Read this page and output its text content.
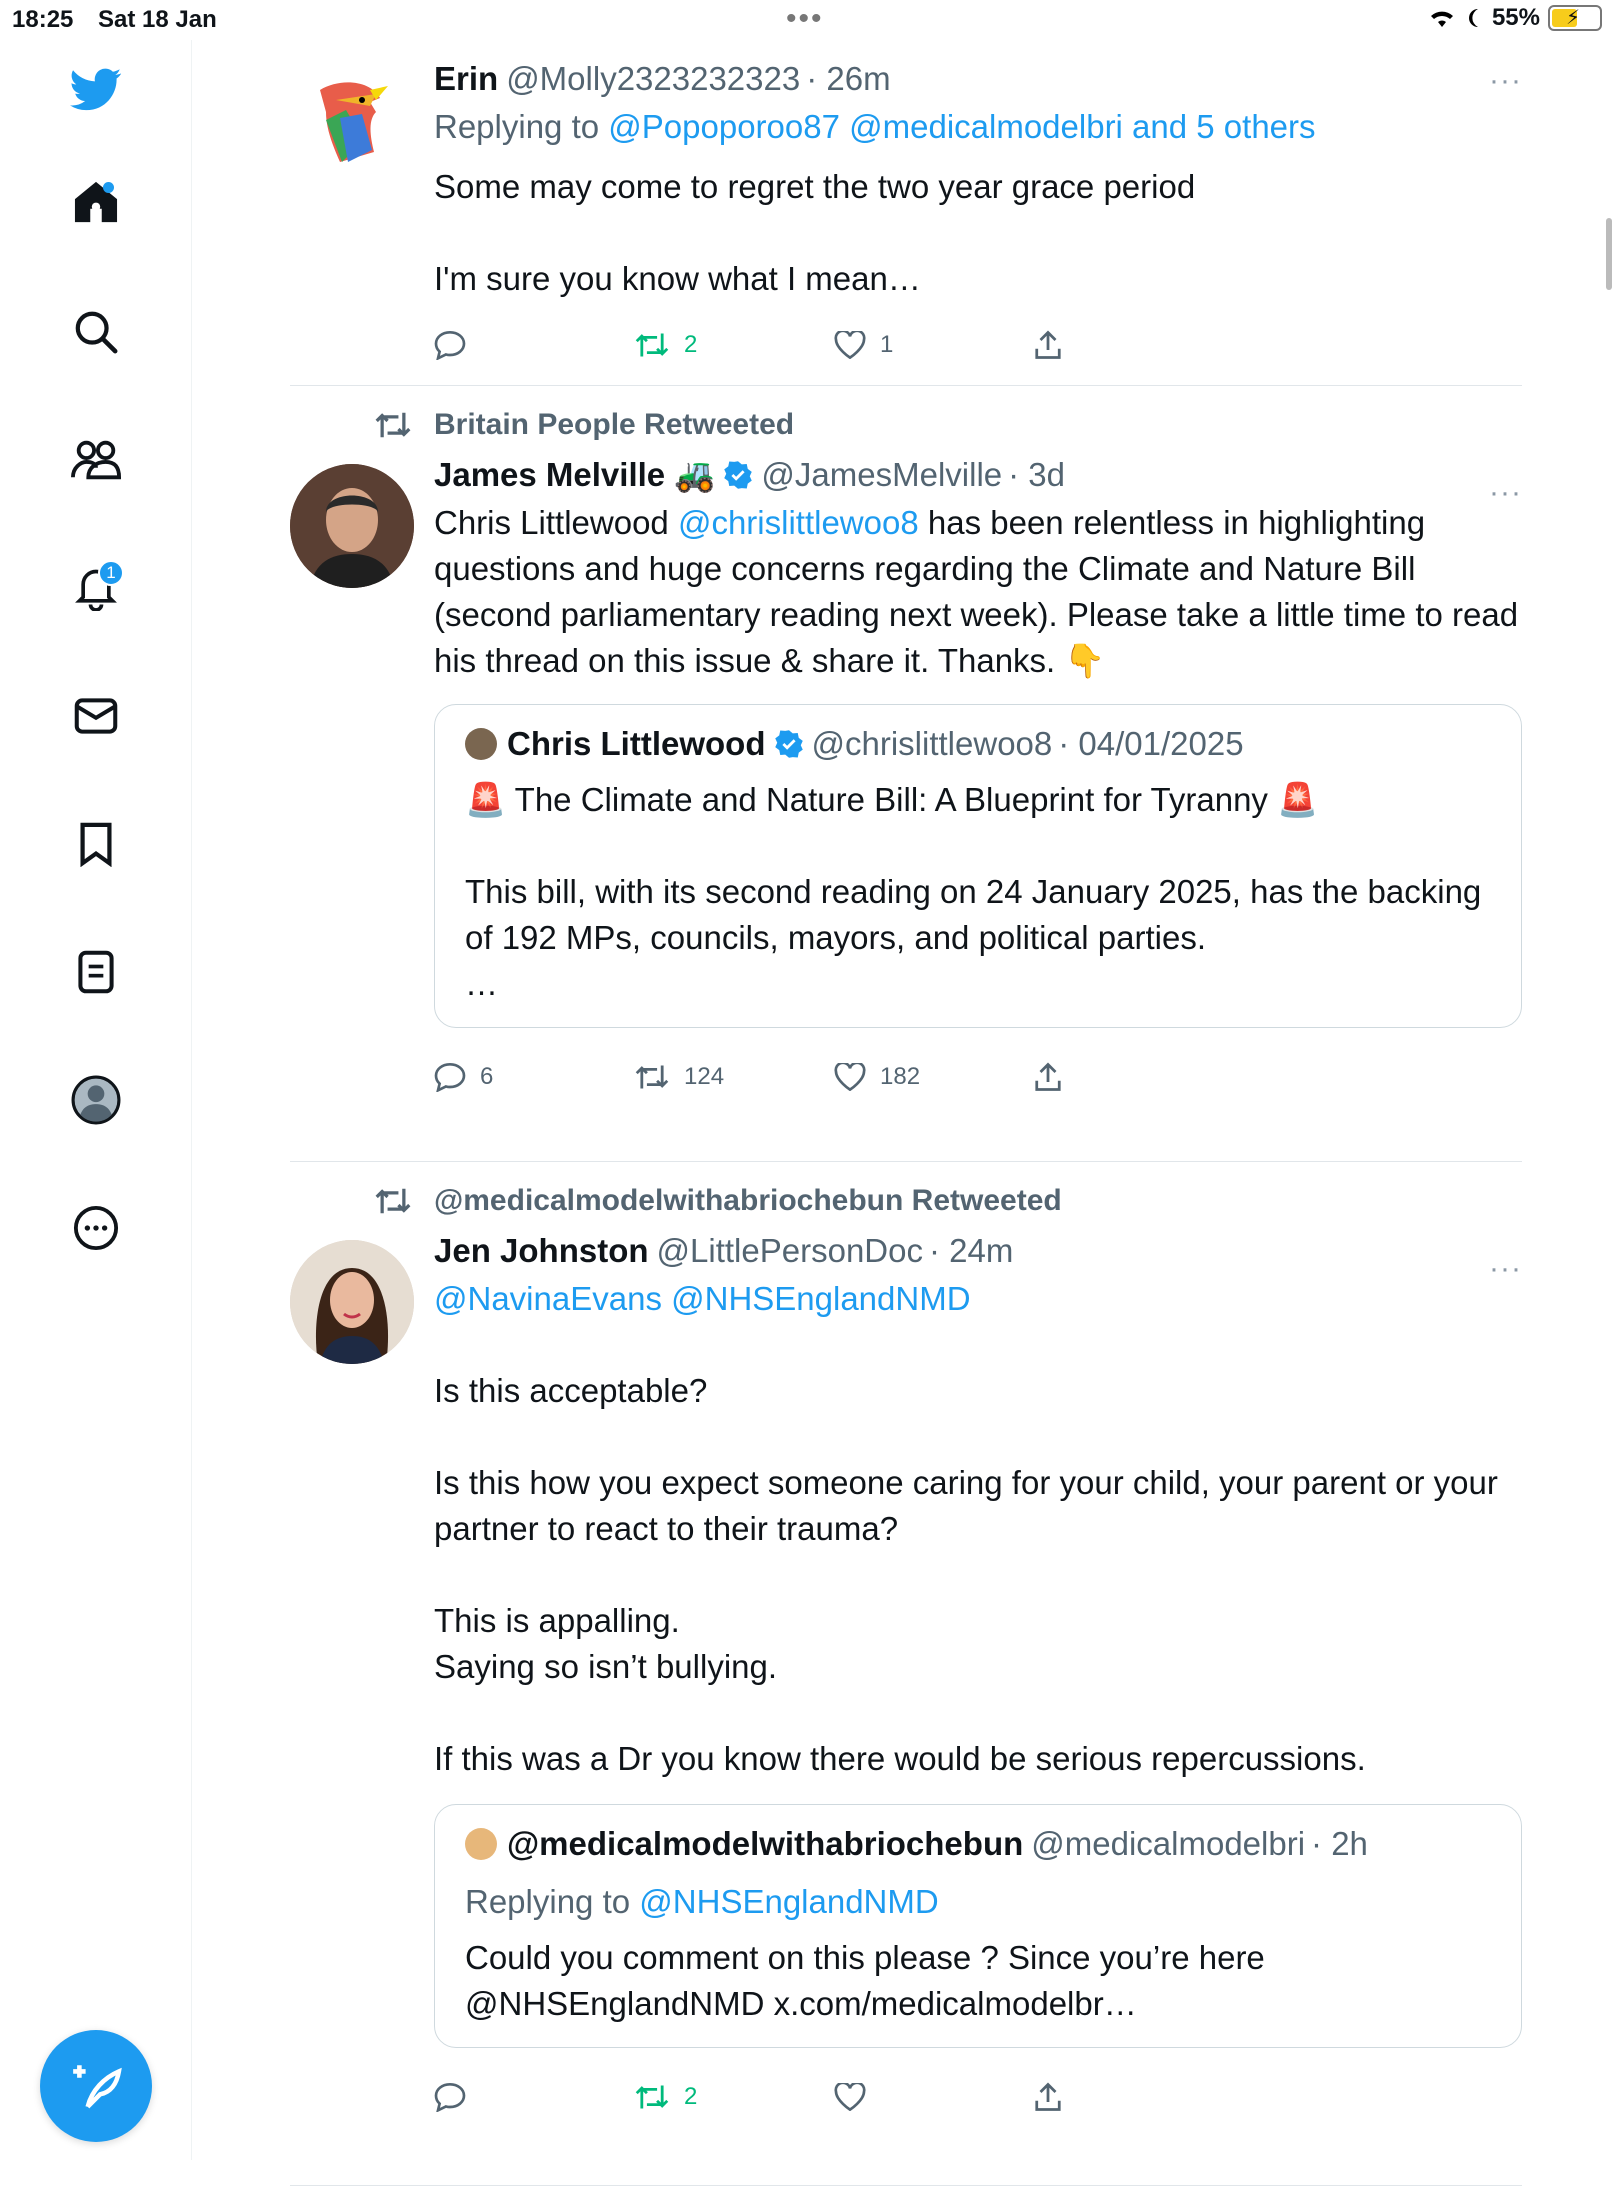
18:25 Sat 18 Jan	•••	55% ⚡
1
Erin @Molly2323232323 · 26m	···
Replying to @Popoporoo87 @medicalmodelbri and 5 others
Some may come to regret the two year grace period

I'm sure you know what I mean…
2	1
Britain People Retweeted
James Melville 🚜 @JamesMelville · 3d	···
Chris Littlewood @chrislittlewoo8 has been relentless in highlighting questions and huge concerns regarding the Climate and Nature Bill (second parliamentary reading next week). Please take a little time to read his thread on this issue & share it. Thanks. 👇
Chris Littlewood @chrislittlewoo8 · 04/01/2025
🚨 The Climate and Nature Bill: A Blueprint for Tyranny 🚨

This bill, with its second reading on 24 January 2025, has the backing of 192 MPs, councils, mayors, and political parties.
…
6	124	182
@medicalmodelwithabriochebun Retweeted
Jen Johnston @LittlePersonDoc · 24m	···
@NavinaEvans @NHSEnglandNMD
Is this acceptable?

Is this how you expect someone caring for your child, your parent or your partner to react to their trauma?

This is appalling.
Saying so isn’t bullying.

If this was a Dr you know there would be serious repercussions.
@medicalmodelwithabriochebun @medicalmodelbri · 2h
Replying to @NHSEnglandNMD
Could you comment on this please ? Since you’re here @NHSEnglandNMD x.com/medicalmodelbr…
2
